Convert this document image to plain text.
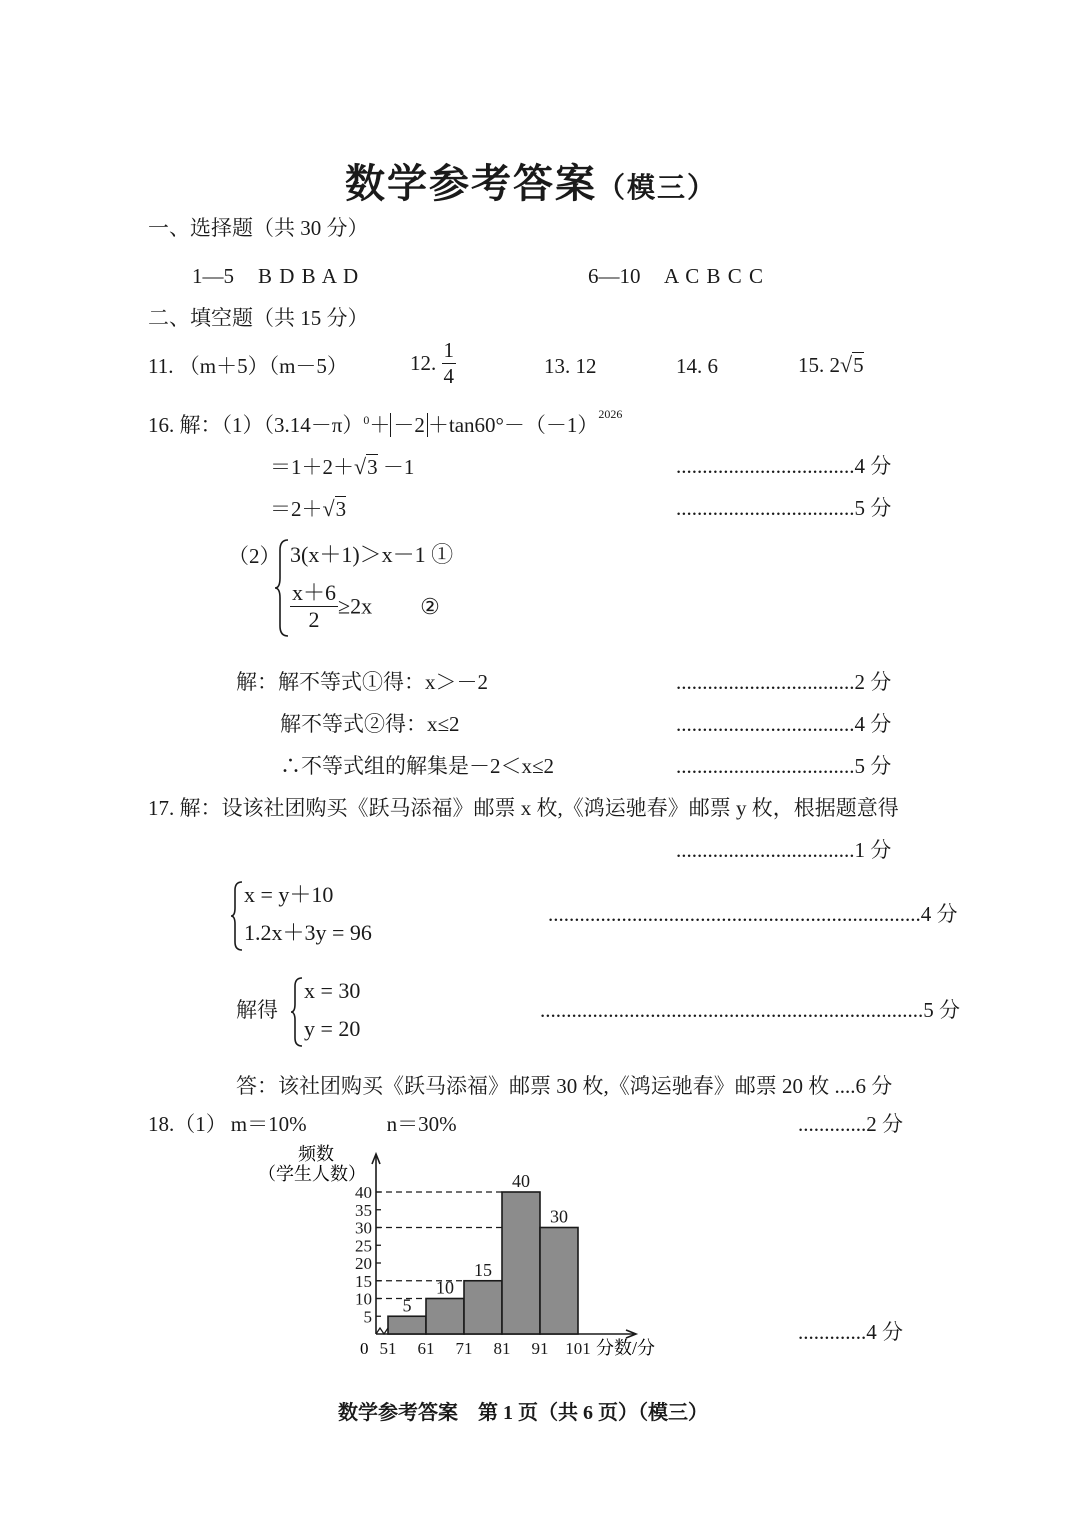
数学参考答案（模三）
一、选择题（共 30 分）
1—5 B D B A D	6—10 A C B C C
二、填空题（共 15 分）
11. （m＋5）（m－5）	12. $\frac{1}{4}$	13. 12	14. 6	15. 2√5
16. 解：$(1)(3.14-\pi)^0+ -2 +\tan 60^\circ-(-1)^{2026}$
＝1＋2＋√3 －1	..................................4 分
＝2＋√3	..................................5 分
（2） 3(x＋1)＞x－1 ①
$\frac{x+6}{2} \ge 2x$ ②
解：解不等式①得：x＞－2	..................................2 分
解不等式②得：x≤2	..................................4 分
∴不等式组的解集是－2＜x≤2	..................................5 分
17. 解：设该社团购买《跃马添福》邮票 x 枚,《鸿运驰春》邮票 y 枚，根据题意得
..................................1 分
x = y＋10
1.2x＋3y = 96
.......................................................................4 分
解得
x = 30
y = 20
.........................................................................5 分
答：该社团购买《跃马添福》邮票 30 枚,《鸿运驰春》邮票 20 枚 ....6 分
18.（1） m＝10%	n＝30%	.............2 分
.............4 分
频数
（学生人数）
5
10
15
40
30
5
10
15
20
25
30
35
40
51 61 71 81 91 101 分数/分
0
数学参考答案　第 1 页（共 6 页）（模三）
